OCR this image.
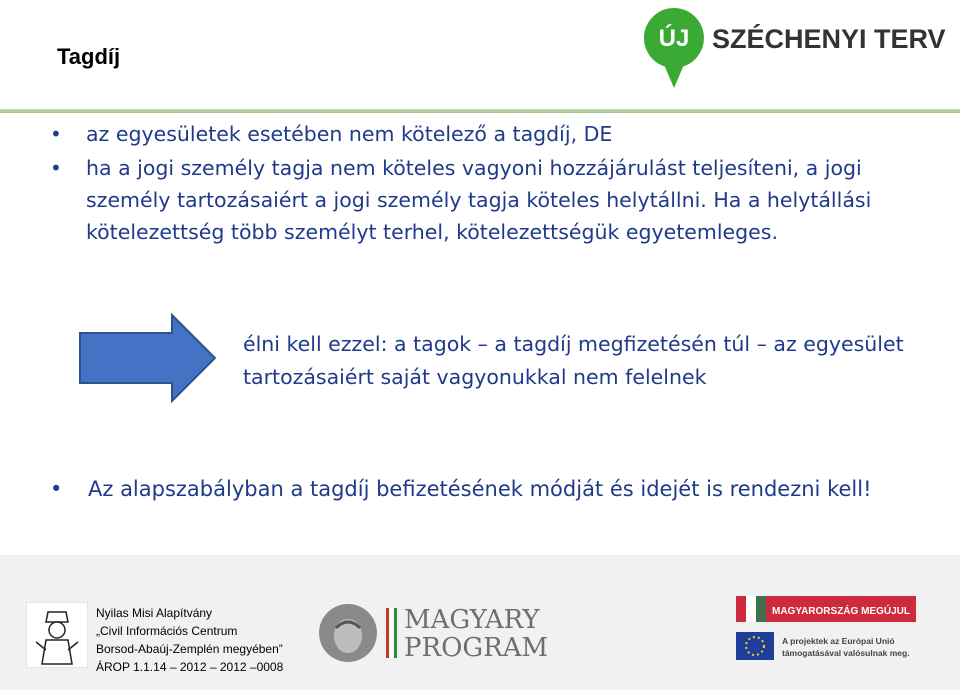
Tagdíj
ÚJ SZÉCHENYI TERV
• az egyesületek esetében nem kötelező a tagdíj, DE
• ha a jogi személy tagja nem köteles vagyoni hozzájárulást teljesíteni, a jogi személy tartozásaiért a jogi személy tagja köteles helytállni. Ha a helytállási kötelezettség több személyt terhel, kötelezettségük egyetemleges.
élni kell ezzel: a tagok – a tagdíj megfizetésén túl – az egyesület tartozásaiért saját vagyonukkal nem felelnek
• Az alapszabályban a tagdíj befizetésének módját és idejét is rendezni kell!
Nyilas Misi Alapítvány
„Civil Információs Centrum
Borsod-Abaúj-Zemplén megyében”
ÁROP 1.1.14 – 2012 – 2012 –0008
MAGYARY
PROGRAM
MAGYARORSZÁG MEGÚJUL
A projektek az Európai Unió
támogatásával valósulnak meg.
